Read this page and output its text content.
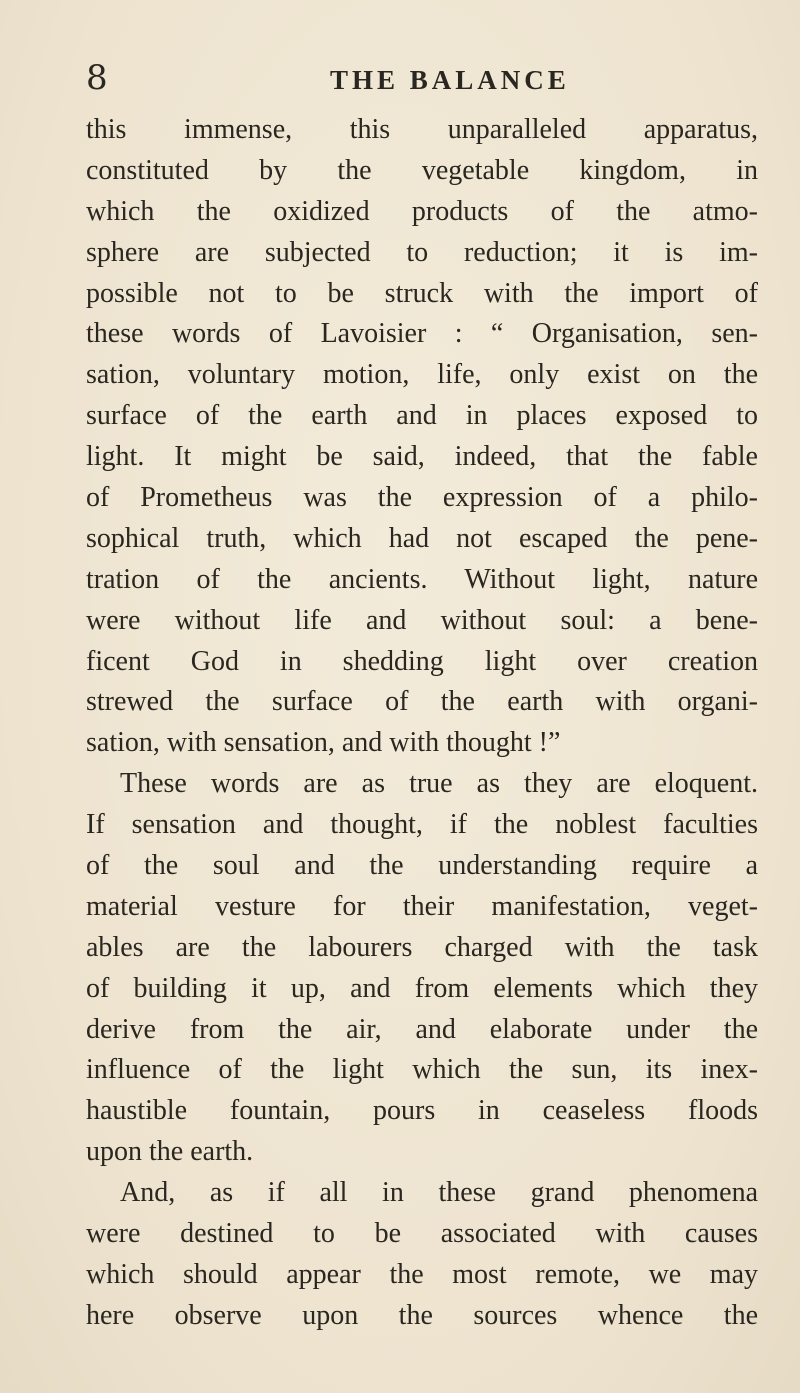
8	THE BALANCE
this immense, this unparalleled apparatus,
constituted by the vegetable kingdom, in
which the oxidized products of the atmo-
sphere are subjected to reduction; it is im-
possible not to be struck with the import of
these words of Lavoisier : “ Organisation, sen-
sation, voluntary motion, life, only exist on the
surface of the earth and in places exposed to
light. It might be said, indeed, that the fable
of Prometheus was the expression of a philo-
sophical truth, which had not escaped the pene-
tration of the ancients. Without light, nature
were without life and without soul: a bene-
ficent God in shedding light over creation
strewed the surface of the earth with organi-
sation, with sensation, and with thought !”
These words are as true as they are eloquent.
If sensation and thought, if the noblest faculties
of the soul and the understanding require a
material vesture for their manifestation, veget-
ables are the labourers charged with the task
of building it up, and from elements which they
derive from the air, and elaborate under the
influence of the light which the sun, its inex-
haustible fountain, pours in ceaseless floods
upon the earth.
And, as if all in these grand phenomena
were destined to be associated with causes
which should appear the most remote, we may
here observe upon the sources whence the
